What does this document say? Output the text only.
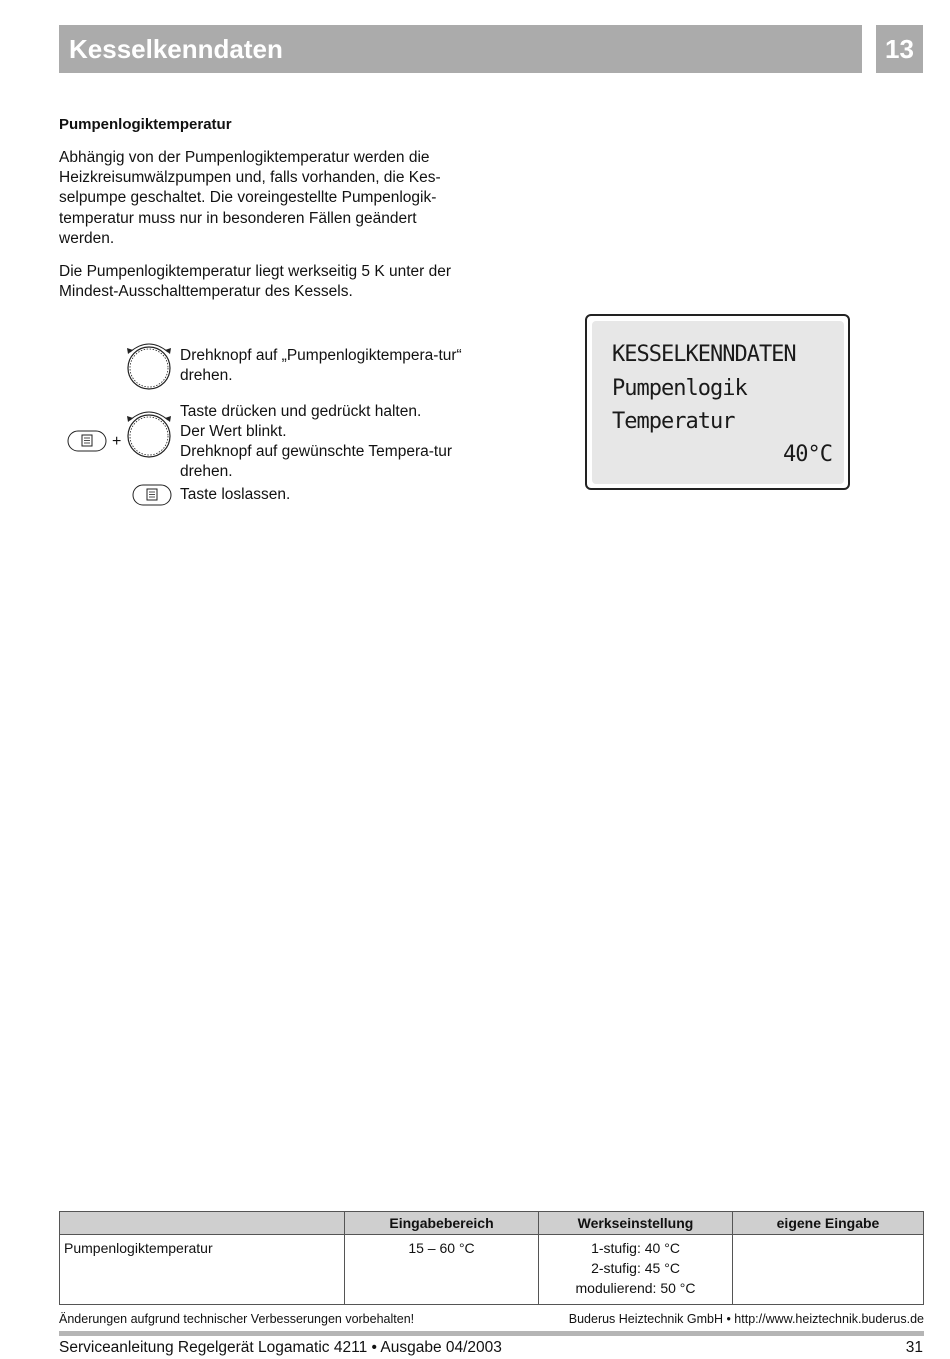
Kesselkenndaten	13
Pumpenlogiktemperatur

Abhängig von der Pumpenlogiktemperatur werden die Heizkreisumwälzpumpen und, falls vorhanden, die Kes-selpumpe geschaltet. Die voreingestellte Pumpenlogik-temperatur muss nur in besonderen Fällen geändert werden.

Die Pumpenlogiktemperatur liegt werkseitig 5 K unter der Mindest-Ausschalttemperatur des Kessels.

Drehknopf auf „Pumpenlogiktempera-tur“ drehen.
+
Taste drücken und gedrückt halten.
Der Wert blinkt.
Drehknopf auf gewünschte Tempera-tur drehen.
Taste loslassen.
KESSELKENNDATEN
Pumpenlogik
Temperatur
40°C
	Eingabebereich	Werkseinstellung	eigene Eingabe
Pumpenlogiktemperatur	15 – 60 °C	1-stufig: 40 °C
2-stufig: 45 °C
modulierend: 50 °C	

Änderungen aufgrund technischer Verbesserungen vorbehalten!	Buderus Heiztechnik GmbH • http://www.heiztechnik.buderus.de
Serviceanleitung Regelgerät Logamatic 4211 • Ausgabe 04/2003	31
